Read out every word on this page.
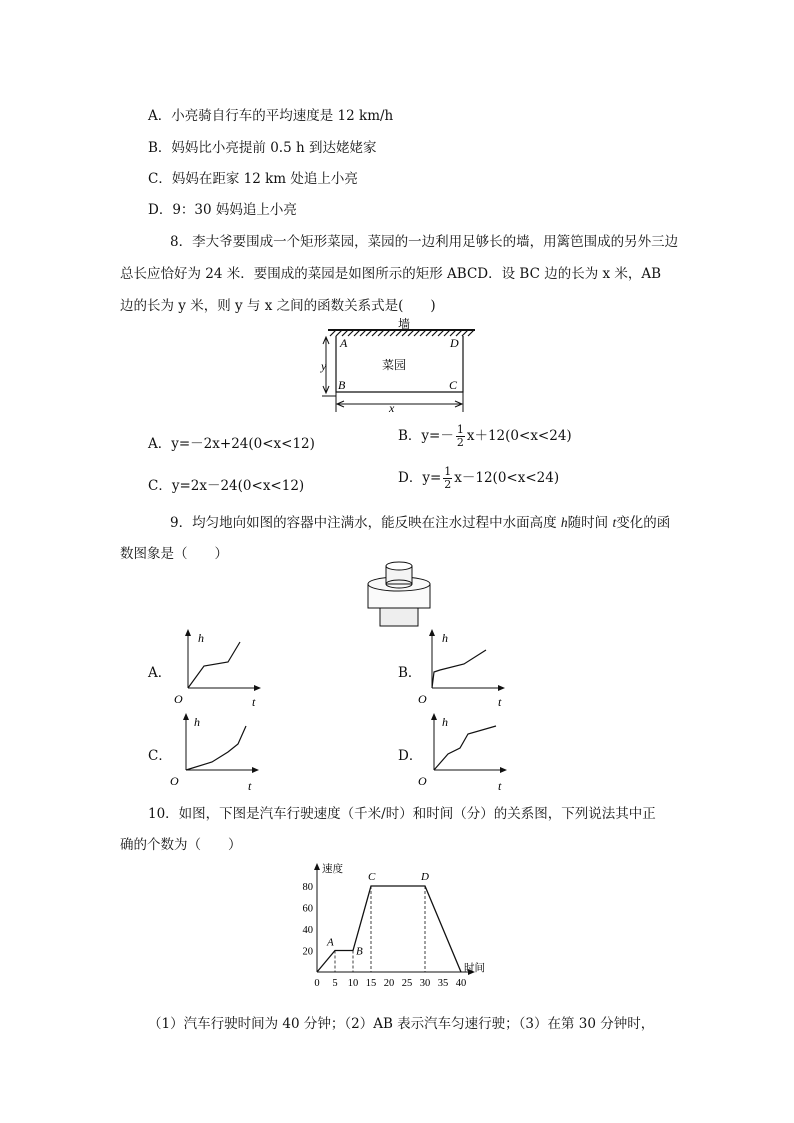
A．小亮骑自行车的平均速度是 12 km/h
B．妈妈比小亮提前 0.5 h 到达姥姥家
C．妈妈在距家 12 km 处追上小亮
D．9：30 妈妈追上小亮
8．李大爷要围成一个矩形菜园，菜园的一边利用足够长的墙，用篱笆围成的另外三边
总长应恰好为 24 米．要围成的菜园是如图所示的矩形 ABCD．设 BC 边的长为 x 米，AB
边的长为 y 米，则 y 与 x 之间的函数关系式是(　　)
墙
A	D
B	C
菜园
y
x
A．y=－2x+24(0<x<12)	B．$y=- \frac{1}{2} x+12(0<x<24)$
C．y=2x－24(0<x<12)	D．$y= \frac{1}{2} x-12(0<x<24)$
9．均匀地向如图的容器中注满水，能反映在注水过程中水面高度 h随时间 t变化的函
数图象是（　　）
A．
h
t
O
B．
h
t
O
C．
h
t
O
D．
h
t
O
10．如图，下图是汽车行驶速度（千米/时）和时间（分）的关系图，下列说法其中正
确的个数为（　　）
速度
时间
0 5 10 15 20 25 30 35 40
20
40
60
80
A
B
C	D
（1）汽车行驶时间为 40 分钟；（2）AB 表示汽车匀速行驶；（3）在第 30 分钟时，
